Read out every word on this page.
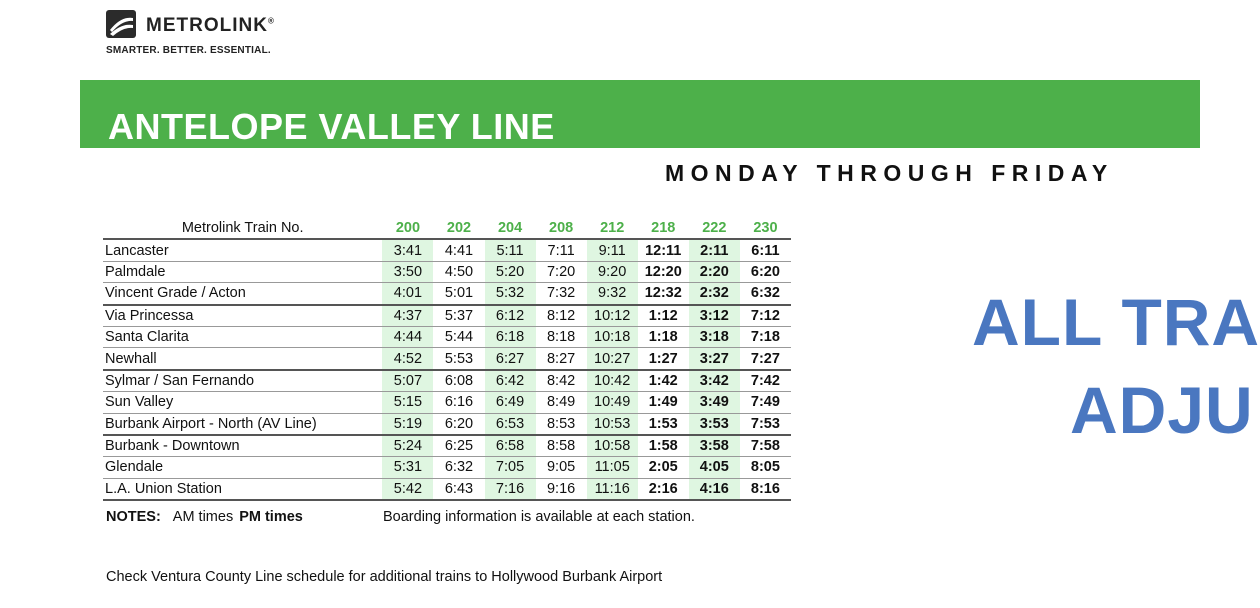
METROLINK®
SMARTER. BETTER. ESSENTIAL.
ANTELOPE VALLEY LINE
MONDAY THROUGH FRIDAY
ALL TRA
ADJU
Metrolink Train No.	200	202	204	208	212	218	222	230
Lancaster	3:41	4:41	5:11	7:11	9:11	12:11	2:11	6:11
Palmdale	3:50	4:50	5:20	7:20	9:20	12:20	2:20	6:20
Vincent Grade / Acton	4:01	5:01	5:32	7:32	9:32	12:32	2:32	6:32
Via Princessa	4:37	5:37	6:12	8:12	10:12	1:12	3:12	7:12
Santa Clarita	4:44	5:44	6:18	8:18	10:18	1:18	3:18	7:18
Newhall	4:52	5:53	6:27	8:27	10:27	1:27	3:27	7:27
Sylmar / San Fernando	5:07	6:08	6:42	8:42	10:42	1:42	3:42	7:42
Sun Valley	5:15	6:16	6:49	8:49	10:49	1:49	3:49	7:49
Burbank Airport - North (AV Line)	5:19	6:20	6:53	8:53	10:53	1:53	3:53	7:53
Burbank - Downtown	5:24	6:25	6:58	8:58	10:58	1:58	3:58	7:58
Glendale	5:31	6:32	7:05	9:05	11:05	2:05	4:05	8:05
L.A. Union Station	5:42	6:43	7:16	9:16	11:16	2:16	4:16	8:16
NOTES: AM times PM times	Boarding information is available at each station.
Check Ventura County Line schedule for additional trains to Hollywood Burbank Airport
